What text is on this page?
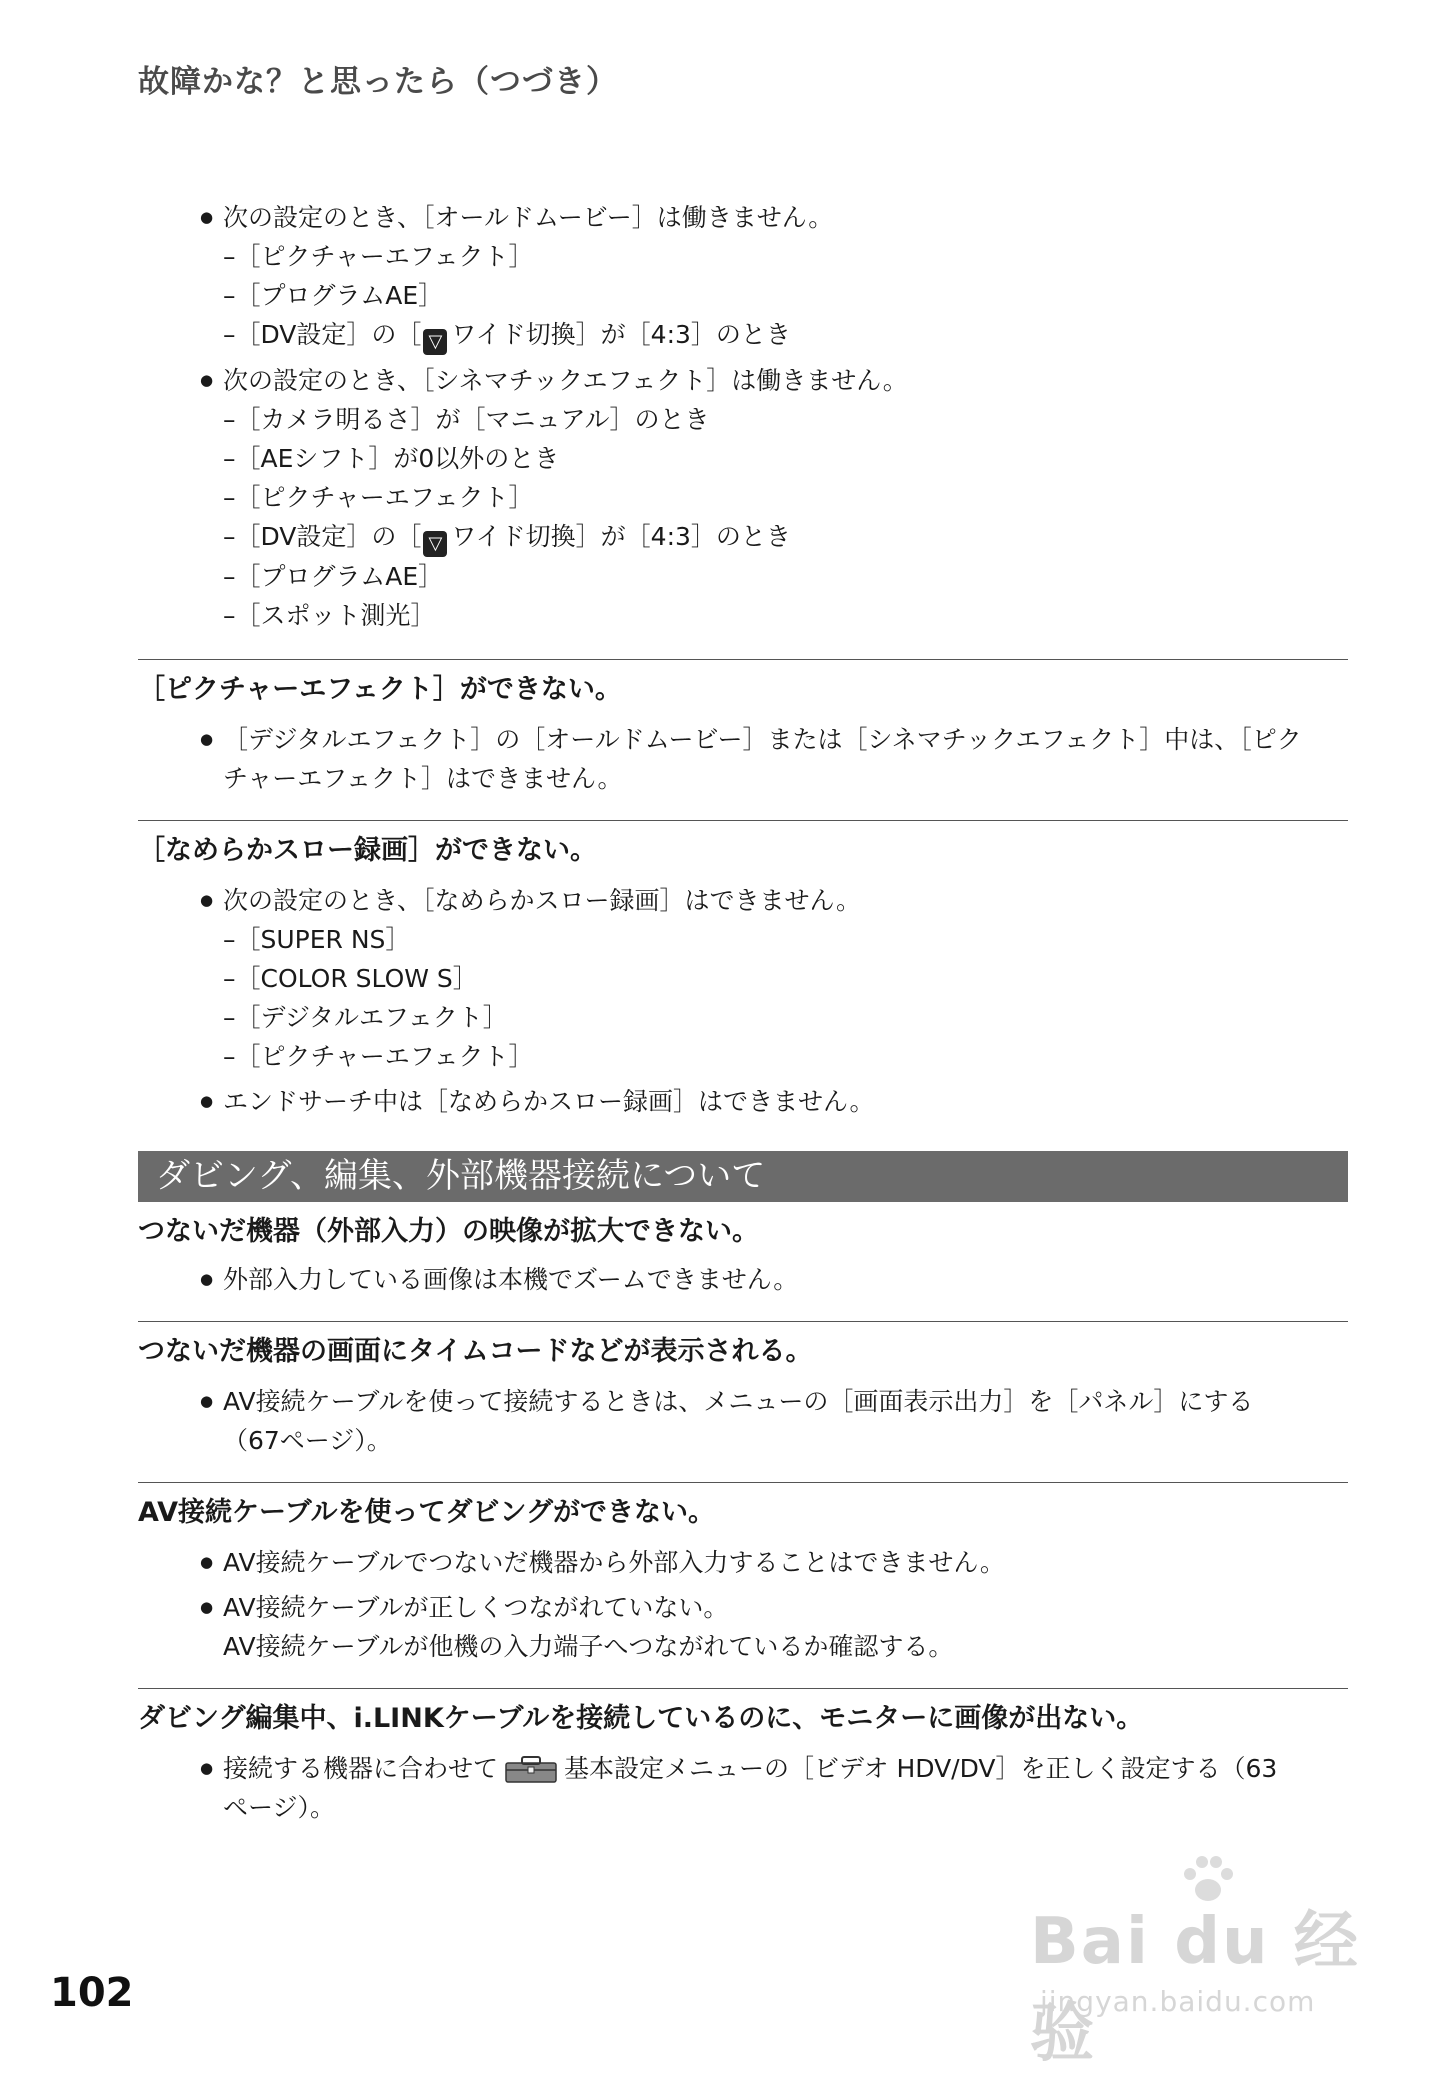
故障かな？と思ったら（つづき）
● 次の設定のとき、［オールドムービー］は働きません。
–［ピクチャーエフェクト］
–［プログラムAE］
–［DV設定］の［ ▽ ワイド切換］が［4:3］のとき
● 次の設定のとき、［シネマチックエフェクト］は働きません。
–［カメラ明るさ］が［マニュアル］のとき
–［AEシフト］が0以外のとき
–［ピクチャーエフェクト］
–［DV設定］の［ ▽ ワイド切換］が［4:3］のとき
–［プログラムAE］
–［スポット測光］
［ピクチャーエフェクト］ができない。
● ［デジタルエフェクト］の［オールドムービー］または［シネマチックエフェクト］中は、［ピク
チャーエフェクト］はできません。
［なめらかスロー録画］ができない。
● 次の設定のとき、［なめらかスロー録画］はできません。
–［SUPER NS］
–［COLOR SLOW S］
–［デジタルエフェクト］
–［ピクチャーエフェクト］
● エンドサーチ中は［なめらかスロー録画］はできません。
ダビング、編集、外部機器接続について
つないだ機器（外部入力）の映像が拡大できない。
● 外部入力している画像は本機でズームできません。
つないだ機器の画面にタイムコードなどが表示される。
● AV接続ケーブルを使って接続するときは、メニューの［画面表示出力］を［パネル］にする
（67ページ）。
AV接続ケーブルを使ってダビングができない。
● AV接続ケーブルでつないだ機器から外部入力することはできません。
● AV接続ケーブルが正しくつながれていない。
AV接続ケーブルが他機の入力端子へつながれているか確認する。
ダビング編集中、i.LINKケーブルを接続しているのに、モニターに画像が出ない。
● 接続する機器に合わせて	基本設定メニューの［ビデオ HDV/DV］を正しく設定する（63
ページ）。
102
Bai du 经验
jingyan.baidu.com
